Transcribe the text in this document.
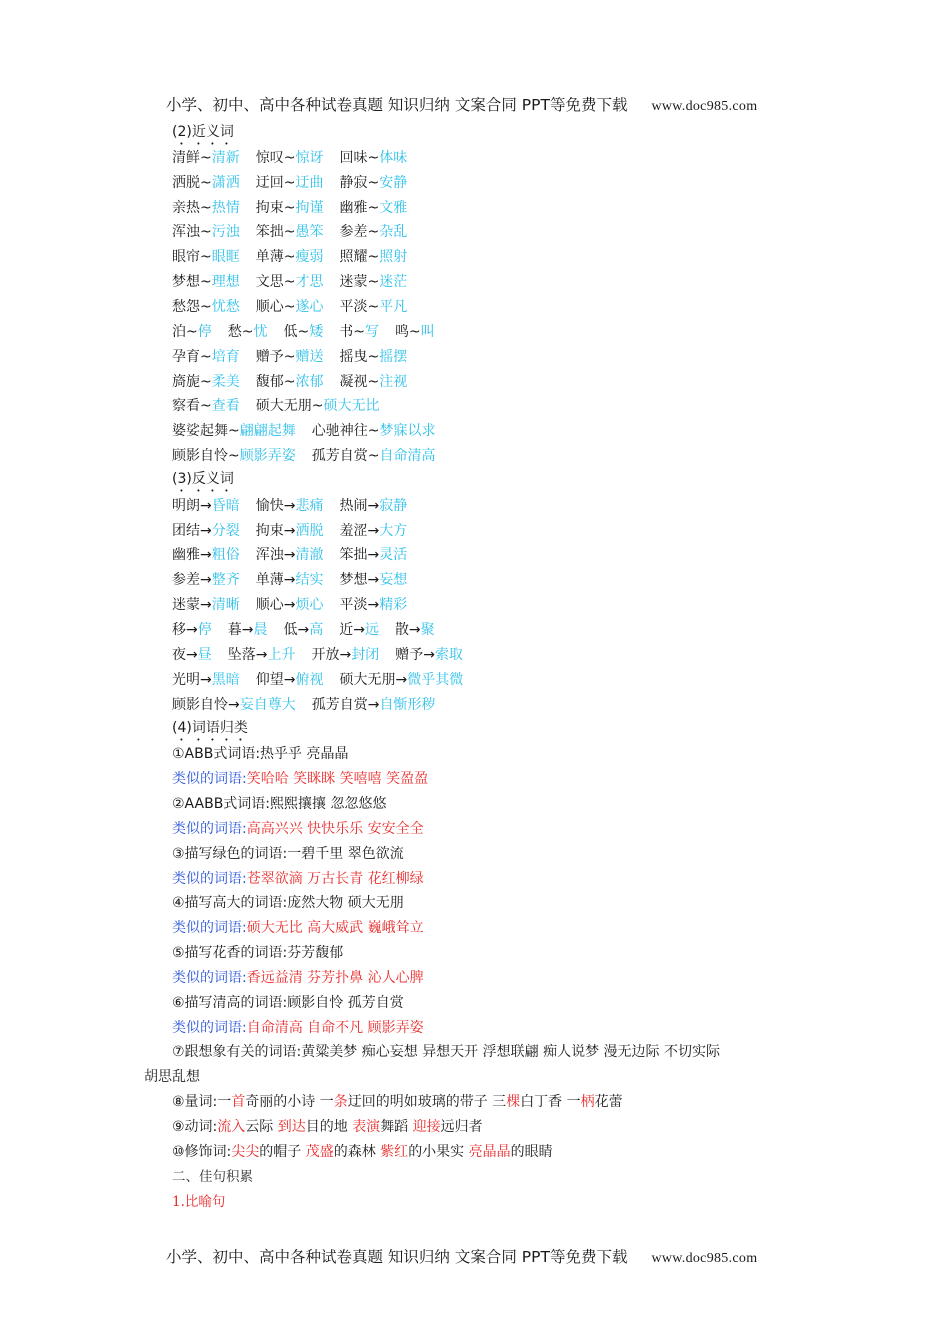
小学、初中、高中各种试卷真题 知识归纳 文案合同 PPT等免费下载 www.doc985.com
(2)近义词
清鲜~清新 惊叹~惊讶 回味~体味
洒脱~潇洒 迂回~迂曲 静寂~安静
亲热~热情 拘束~拘谨 幽雅~文雅
浑浊~污浊 笨拙~愚笨 参差~杂乱
眼帘~眼眶 单薄~瘦弱 照耀~照射
梦想~理想 文思~才思 迷蒙~迷茫
愁怨~忧愁 顺心~遂心 平淡~平凡
泊~停 愁~忧 低~矮 书~写 鸣~叫
孕育~培育 赠予~赠送 摇曳~摇摆
旖旎~柔美 馥郁~浓郁 凝视~注视
察看~查看 硕大无朋~硕大无比
婆娑起舞~翩翩起舞 心驰神往~梦寐以求
顾影自怜~顾影弄姿 孤芳自赏~自命清高
(3)反义词
明朗→昏暗 愉快→悲痛 热闹→寂静
团结→分裂 拘束→洒脱 羞涩→大方
幽雅→粗俗 浑浊→清澈 笨拙→灵活
参差→整齐 单薄→结实 梦想→妄想
迷蒙→清晰 顺心→烦心 平淡→精彩
移→停 暮→晨 低→高 近→远 散→聚
夜→昼 坠落→上升 开放→封闭 赠予→索取
光明→黑暗 仰望→俯视 硕大无朋→微乎其微
顾影自怜→妄自尊大 孤芳自赏→自惭形秽
(4)词语归类
①ABB式词语:热乎乎 亮晶晶
类似的词语:笑哈哈 笑眯眯 笑嘻嘻 笑盈盈
②AABB式词语:熙熙攘攘 忽忽悠悠
类似的词语:高高兴兴 快快乐乐 安安全全
③描写绿色的词语:一碧千里 翠色欲流
类似的词语:苍翠欲滴 万古长青 花红柳绿
④描写高大的词语:庞然大物 硕大无朋
类似的词语:硕大无比 高大威武 巍峨耸立
⑤描写花香的词语:芬芳馥郁
类似的词语:香远益清 芬芳扑鼻 沁人心脾
⑥描写清高的词语:顾影自怜 孤芳自赏
类似的词语:自命清高 自命不凡 顾影弄姿
⑦跟想象有关的词语:黄粱美梦 痴心妄想 异想天开 浮想联翩 痴人说梦 漫无边际 不切实际
胡思乱想
⑧量词:一首奇丽的小诗 一条迂回的明如玻璃的带子 三棵白丁香 一柄花蕾
⑨动词:流入云际 到达目的地 表演舞蹈 迎接远归者
⑩修饰词:尖尖的帽子 茂盛的森林 紫红的小果实 亮晶晶的眼睛
二、佳句积累
1.比喻句
小学、初中、高中各种试卷真题 知识归纳 文案合同 PPT等免费下载 www.doc985.com
